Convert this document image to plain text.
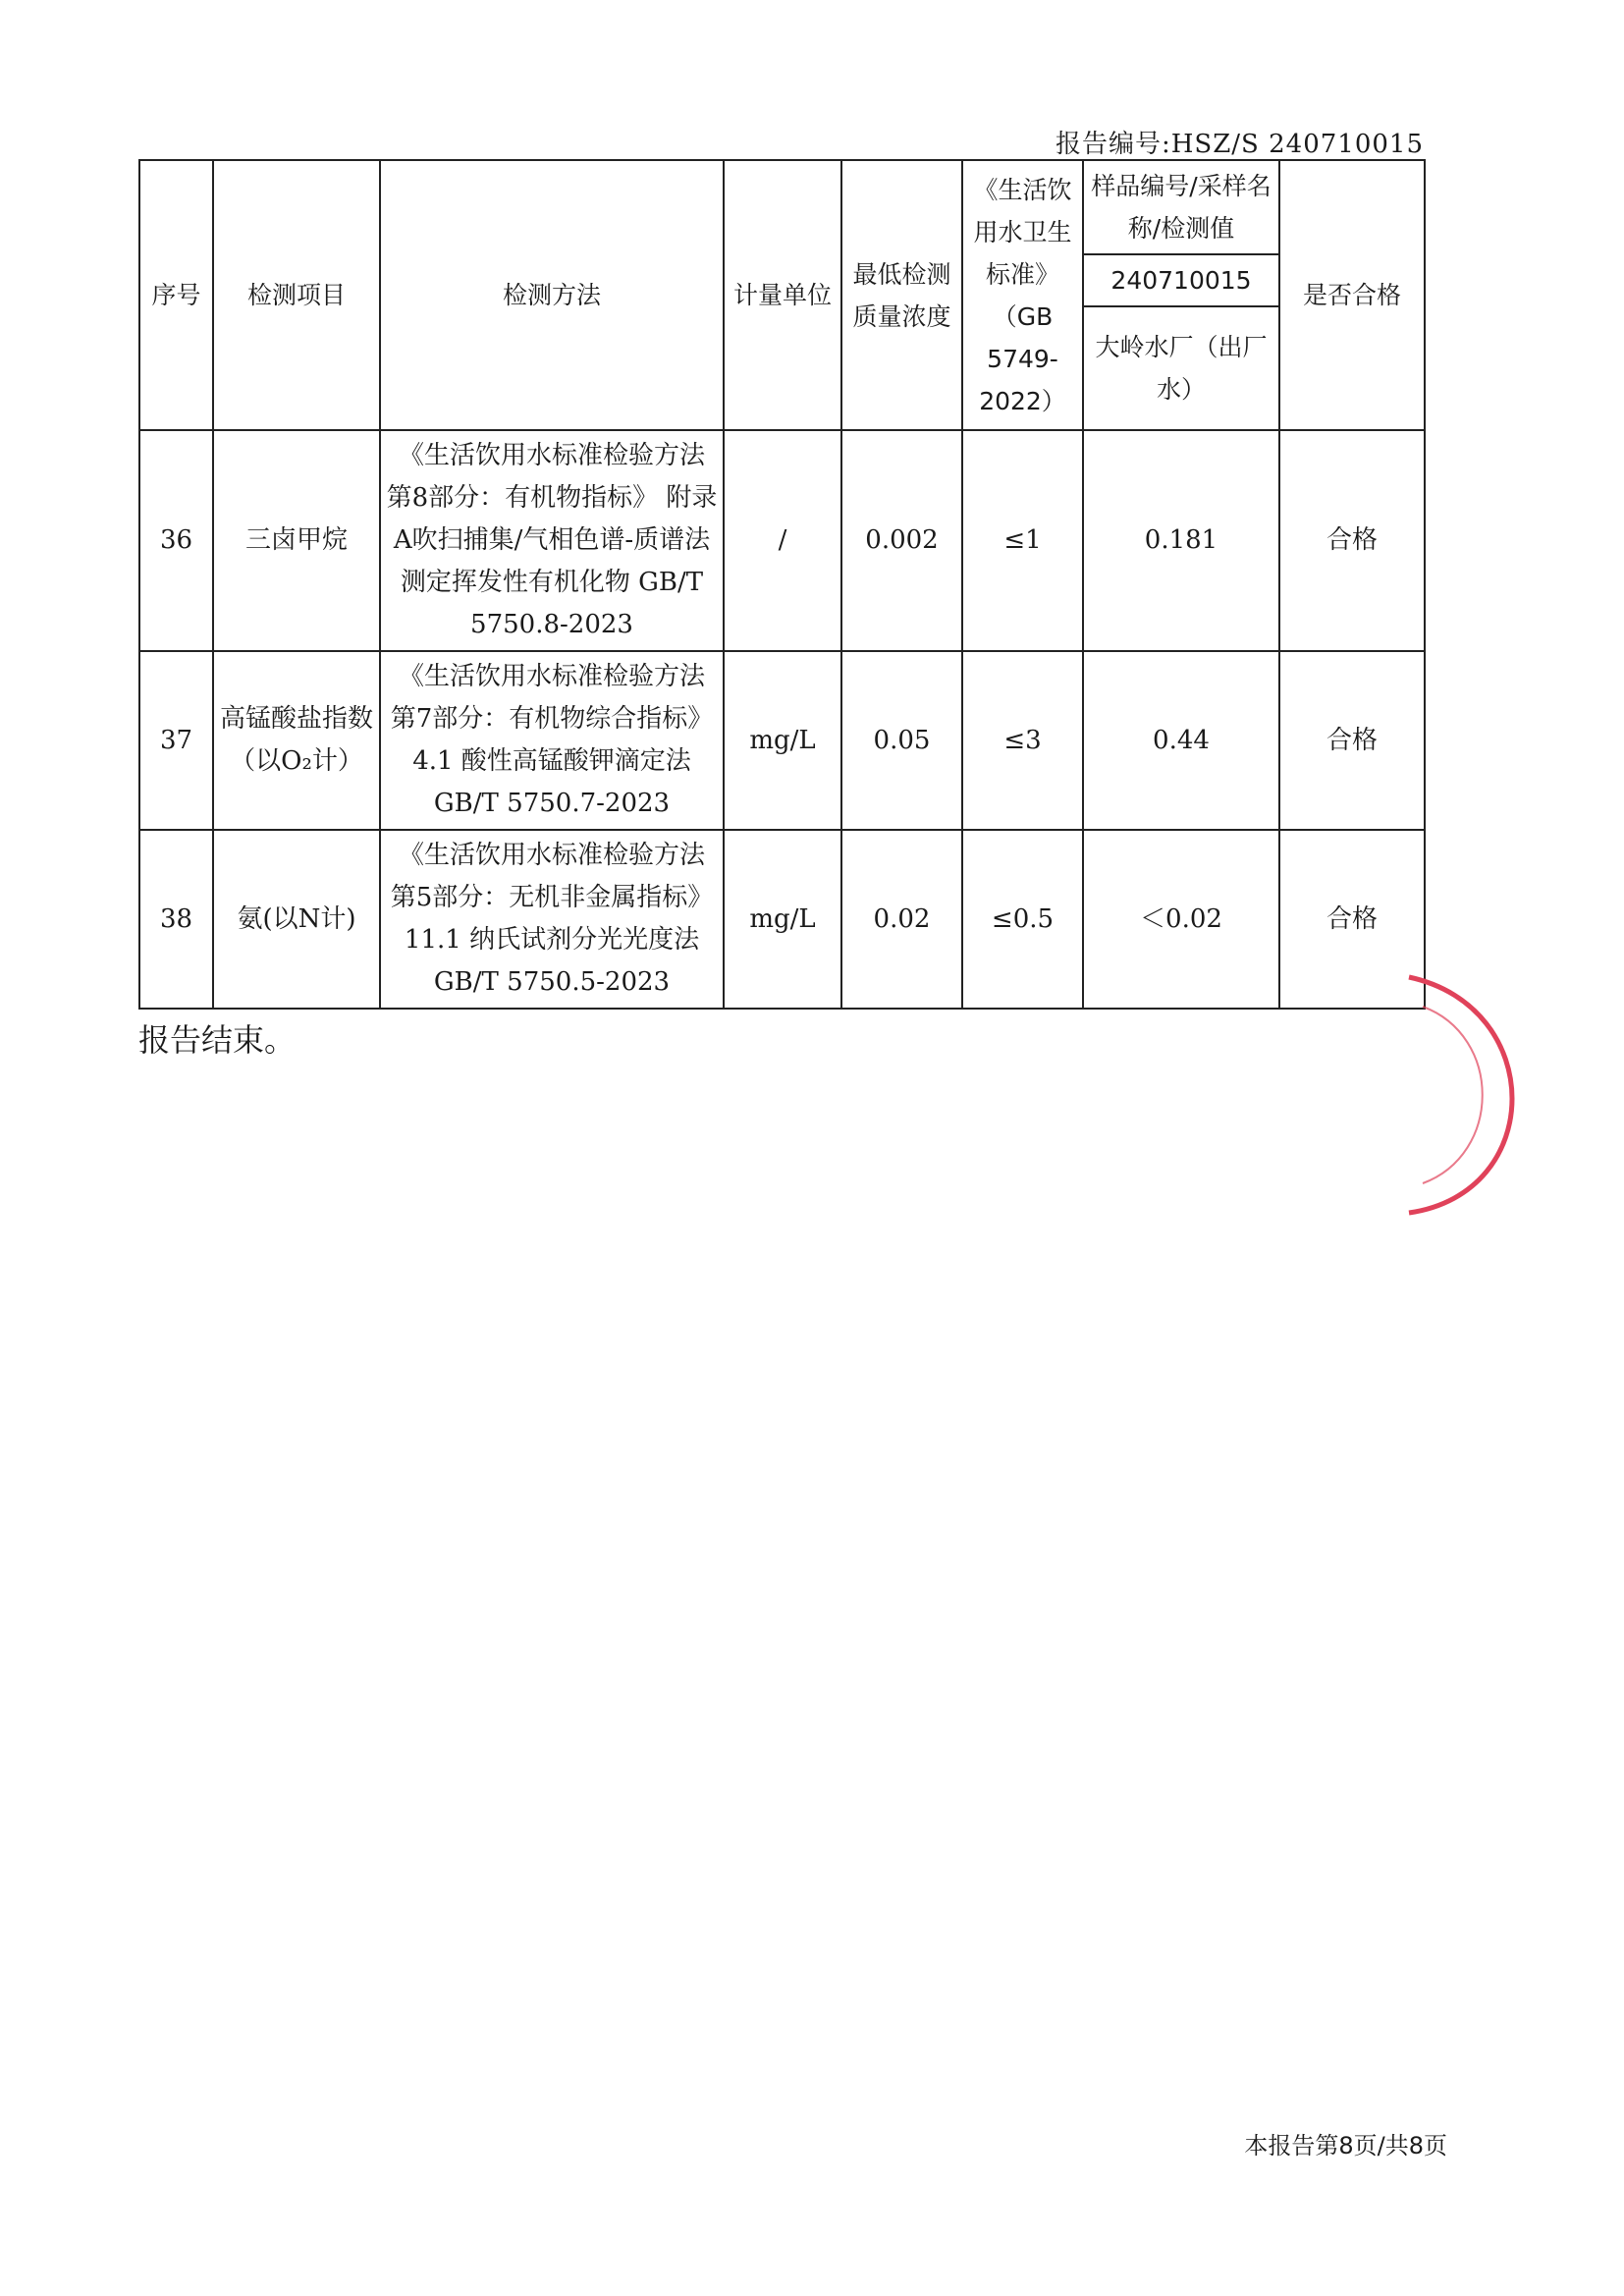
报告编号:HSZ/S 240710015
序号	检测项目	检测方法	计量单位	最低检测质量浓度	《生活饮用水卫生标准》（GB 5749-2022）	样品编号/采样名称/检测值	是否合格
						240710015	
						大岭水厂（出厂水）	
36	三卤甲烷	《生活饮用水标准检验方法 第8部分：有机物指标》 附录A吹扫捕集/气相色谱-质谱法测定挥发性有机化物 GB/T 5750.8-2023	/	0.002	≤1	0.181	合格
37	高锰酸盐指数（以O₂计）	《生活饮用水标准检验方法 第7部分：有机物综合指标》4.1 酸性高锰酸钾滴定法 GB/T 5750.7-2023	mg/L	0.05	≤3	0.44	合格
38	氨(以N计)	《生活饮用水标准检验方法 第5部分：无机非金属指标》11.1 纳氏试剂分光光度法 GB/T 5750.5-2023	mg/L	0.02	≤0.5	＜0.02	合格
报告结束。
本报告第8页/共8页
